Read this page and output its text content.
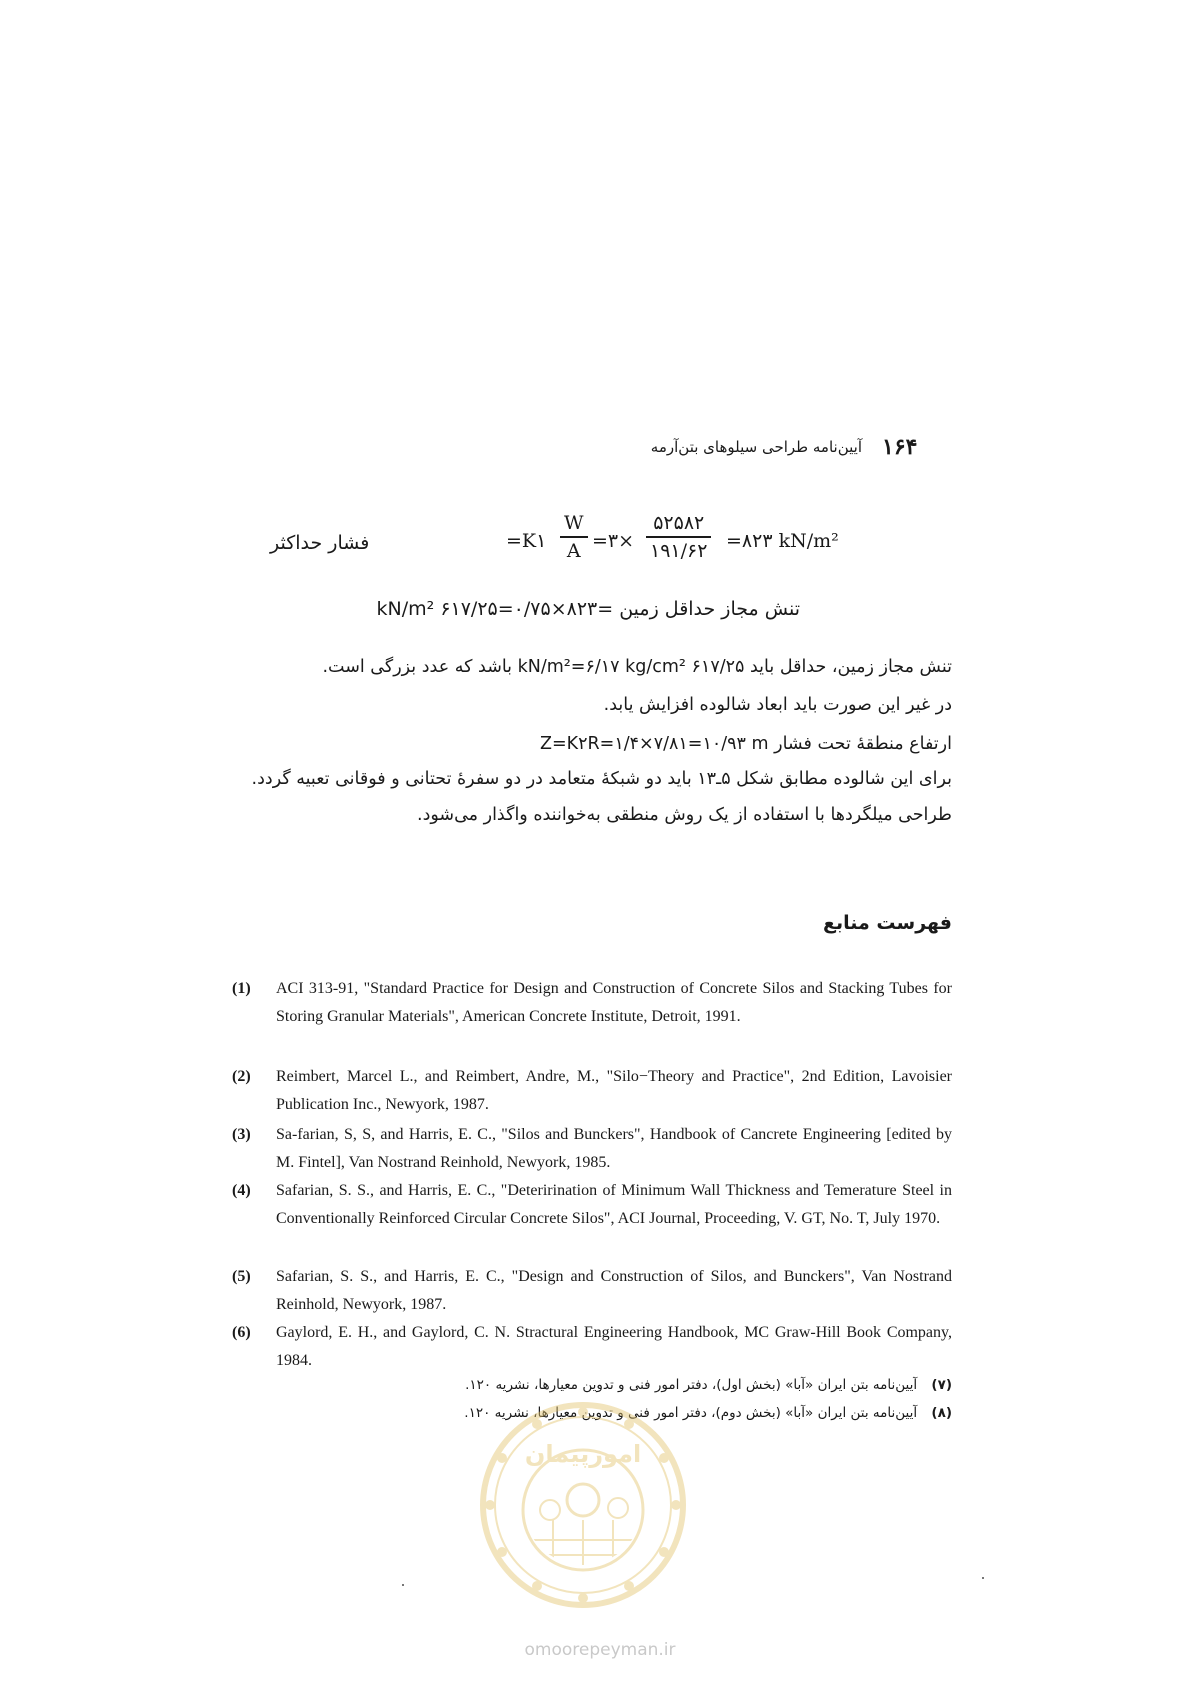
۱۶۴
آیین‌نامه طراحی سیلوهای بتن‌آرمه
=K۱
W
A =۳×
۵۲۵۸۲
۱۹۱/۶۲ =۸۲۳ kN/m²
فشار حداکثر
تنش مجاز حداقل زمین =۸۲۳×۰/۷۵=۶۱۷/۲۵ kN/m²
تنش مجاز زمین، حداقل باید ۶۱۷/۲۵ kN/m²=۶/۱۷ kg/cm² باشد که عدد بزرگی است.
در غیر این صورت باید ابعاد شالوده افزایش یابد.
ارتفاع منطقهٔ تحت فشار Z=K۲R=۱/۴×۷/۸۱=۱۰/۹۳ m
برای این شالوده مطابق شکل ۵ـ۱۳ باید دو شبکهٔ متعامد در دو سفرهٔ تحتانی و فوقانی تعبیه گردد.
طراحی میلگردها با استفاده از یک روش منطقی به‌خواننده واگذار می‌شود.
فهرست منابع
(1)	ACI 313-91, "Standard Practice for Design and Construction of Concrete Silos and Stacking Tubes for Storing Granular Materials", American Concrete Institute, Detroit, 1991.
(2)	Reimbert, Marcel L., and Reimbert, Andre, M., "Silo−Theory and Practice", 2nd Edition, Lavoisier Publication Inc., Newyork, 1987.
(3)	Sa-farian, S, S, and Harris, E. C., "Silos and Bunckers", Handbook of Cancrete Engineering [edited by M. Fintel], Van Nostrand Reinhold, Newyork, 1985.
(4)	Safarian, S. S., and Harris, E. C., "Deterirination of Minimum Wall Thickness and Temerature Steel in Conventionally Reinforced Circular Concrete Silos", ACI Journal, Proceeding, V. GT, No. T, July 1970.
(5)	Safarian, S. S., and Harris, E. C., "Design and Construction of Silos, and Bunckers", Van Nostrand Reinhold, Newyork, 1987.
(6)	Gaylord, E. H., and Gaylord, C. N. Stractural Engineering Handbook, MC Graw-Hill Book Company, 1984.
(۷) آیین‌نامه بتن ایران «آبا» (بخش اول)، دفتر امور فنی و تدوین معیارها، نشریه ۱۲۰.
(۸) آیین‌نامه بتن ایران «آبا» (بخش دوم)، دفتر امور فنی و تدوین معیارها، نشریه ۱۲۰.
امورپیمان
omoorepeyman.ir
